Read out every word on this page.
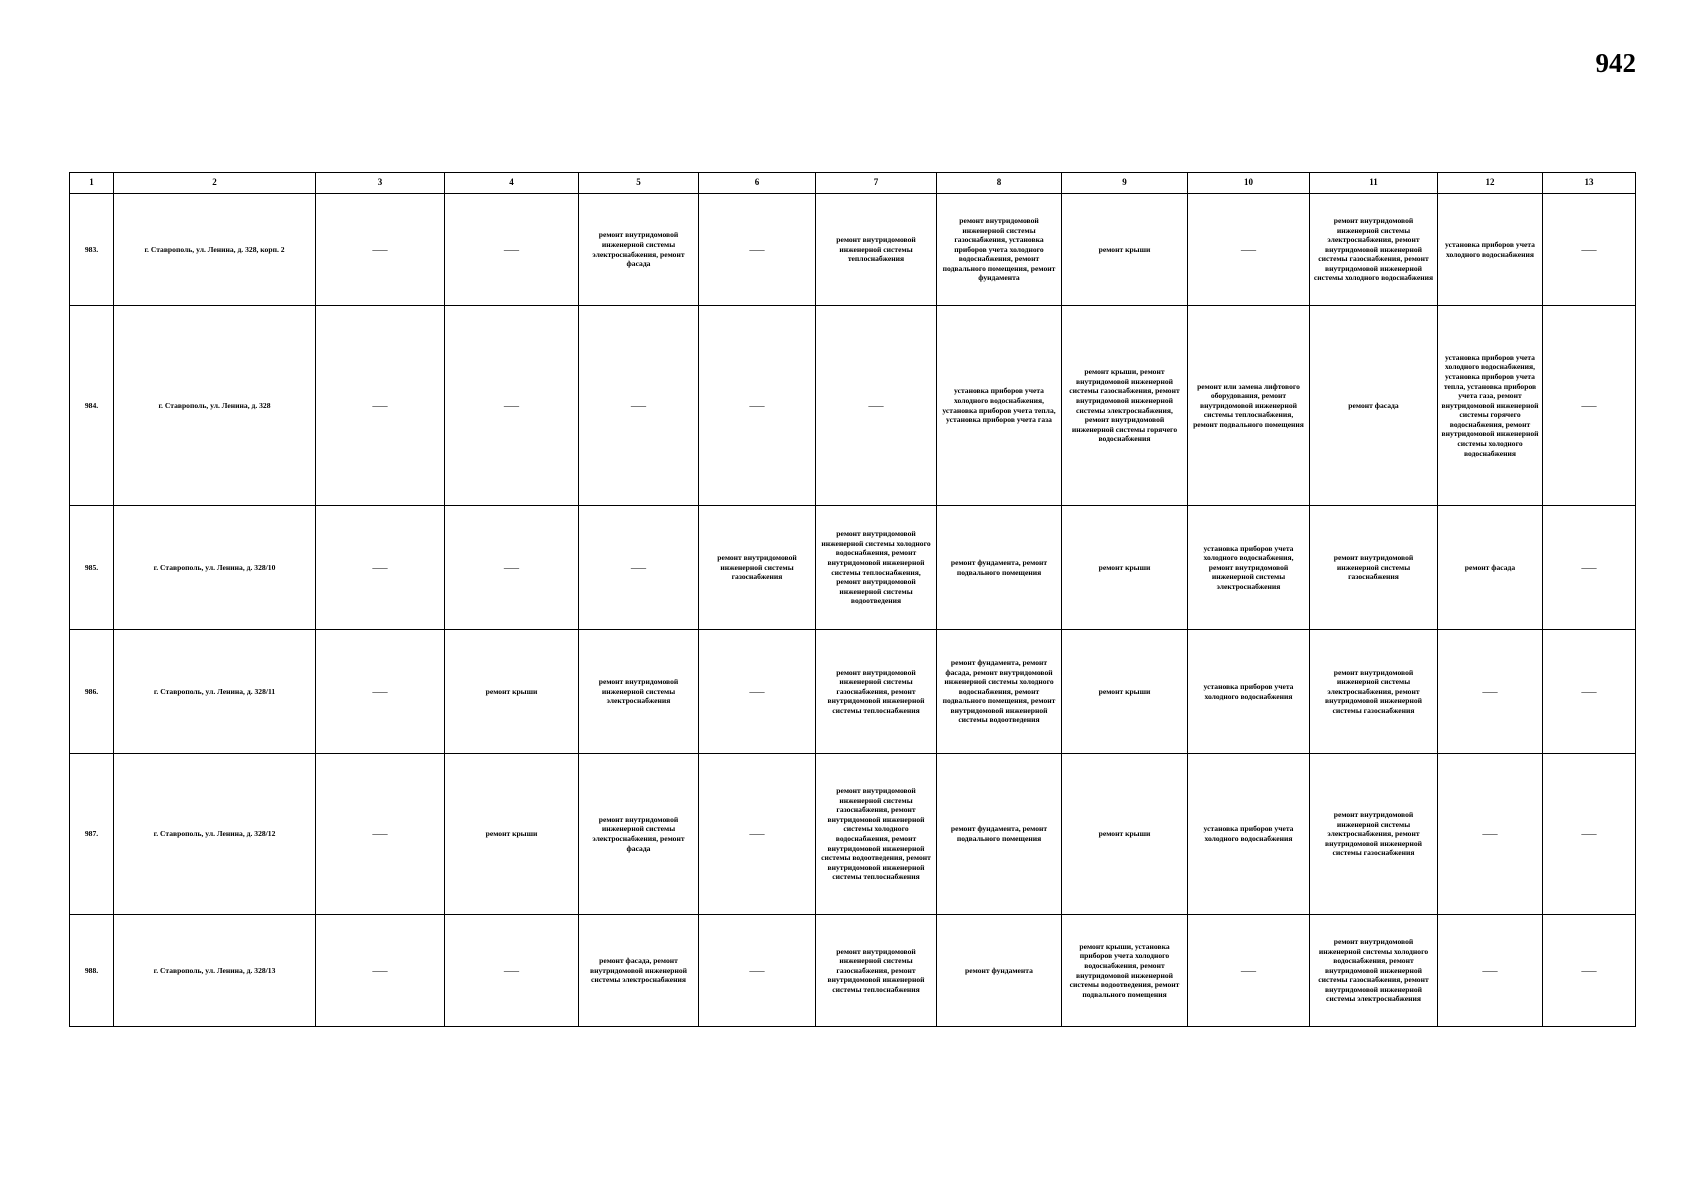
942
1	2	3	4	5	6	7	8	9	10	11	12	13
983.	г. Ставрополь, ул. Ленина, д. 328, корп. 2	——	——	ремонт внутридомовой инженерной системы электроснабжения, ремонт фасада	——	ремонт внутридомовой инженерной системы теплоснабжения	ремонт внутридомовой инженерной системы газоснабжения, установка приборов учета холодного водоснабжения, ремонт подвального помещения, ремонт фундамента	ремонт крыши	——	ремонт внутридомовой инженерной системы электроснабжения, ремонт внутридомовой инженерной системы газоснабжения, ремонт внутридомовой инженерной системы холодного водоснабжения	установка приборов учета холодного водоснабжения	——
984.	г. Ставрополь, ул. Ленина, д. 328	——	——	——	——	——	установка приборов учета холодного водоснабжения, установка приборов учета тепла, установка приборов учета газа	ремонт крыши, ремонт внутридомовой инженерной системы газоснабжения, ремонт внутридомовой инженерной системы электроснабжения, ремонт внутридомовой инженерной системы горячего водоснабжения	ремонт или замена лифтового оборудования, ремонт внутридомовой инженерной системы теплоснабжения, ремонт подвального помещения	ремонт фасада	установка приборов учета холодного водоснабжения, установка приборов учета тепла, установка приборов учета газа, ремонт внутридомовой инженерной системы горячего водоснабжения, ремонт внутридомовой инженерной системы холодного водоснабжения	——
985.	г. Ставрополь, ул. Ленина, д. 328/10	——	——	——	ремонт внутридомовой инженерной системы газоснабжения	ремонт внутридомовой инженерной системы холодного водоснабжения, ремонт внутридомовой инженерной системы теплоснабжения, ремонт внутридомовой инженерной системы водоотведения	ремонт фундамента, ремонт подвального помещения	ремонт крыши	установка приборов учета холодного водоснабжения, ремонт внутридомовой инженерной системы электроснабжения	ремонт внутридомовой инженерной системы газоснабжения	ремонт фасада	——
986.	г. Ставрополь, ул. Ленина, д. 328/11	——	ремонт крыши	ремонт внутридомовой инженерной системы электроснабжения	——	ремонт внутридомовой инженерной системы газоснабжения, ремонт внутридомовой инженерной системы теплоснабжения	ремонт фундамента, ремонт фасада, ремонт внутридомовой инженерной системы холодного водоснабжения, ремонт подвального помещения, ремонт внутридомовой инженерной системы водоотведения	ремонт крыши	установка приборов учета холодного водоснабжения	ремонт внутридомовой инженерной системы электроснабжения, ремонт внутридомовой инженерной системы газоснабжения	——	——
987.	г. Ставрополь, ул. Ленина, д. 328/12	——	ремонт крыши	ремонт внутридомовой инженерной системы электроснабжения, ремонт фасада	——	ремонт внутридомовой инженерной системы газоснабжения, ремонт внутридомовой инженерной системы холодного водоснабжения, ремонт внутридомовой инженерной системы водоотведения, ремонт внутридомовой инженерной системы теплоснабжения	ремонт фундамента, ремонт подвального помещения	ремонт крыши	установка приборов учета холодного водоснабжения	ремонт внутридомовой инженерной системы электроснабжения, ремонт внутридомовой инженерной системы газоснабжения	——	——
988.	г. Ставрополь, ул. Ленина, д. 328/13	——	——	ремонт фасада, ремонт внутридомовой инженерной системы электроснабжения	——	ремонт внутридомовой инженерной системы газоснабжения, ремонт внутридомовой инженерной системы теплоснабжения	ремонт фундамента	ремонт крыши, установка приборов учета холодного водоснабжения, ремонт внутридомовой инженерной системы водоотведения, ремонт подвального помещения	——	ремонт внутридомовой инженерной системы холодного водоснабжения, ремонт внутридомовой инженерной системы газоснабжения, ремонт внутридомовой инженерной системы электроснабжения	——	——
